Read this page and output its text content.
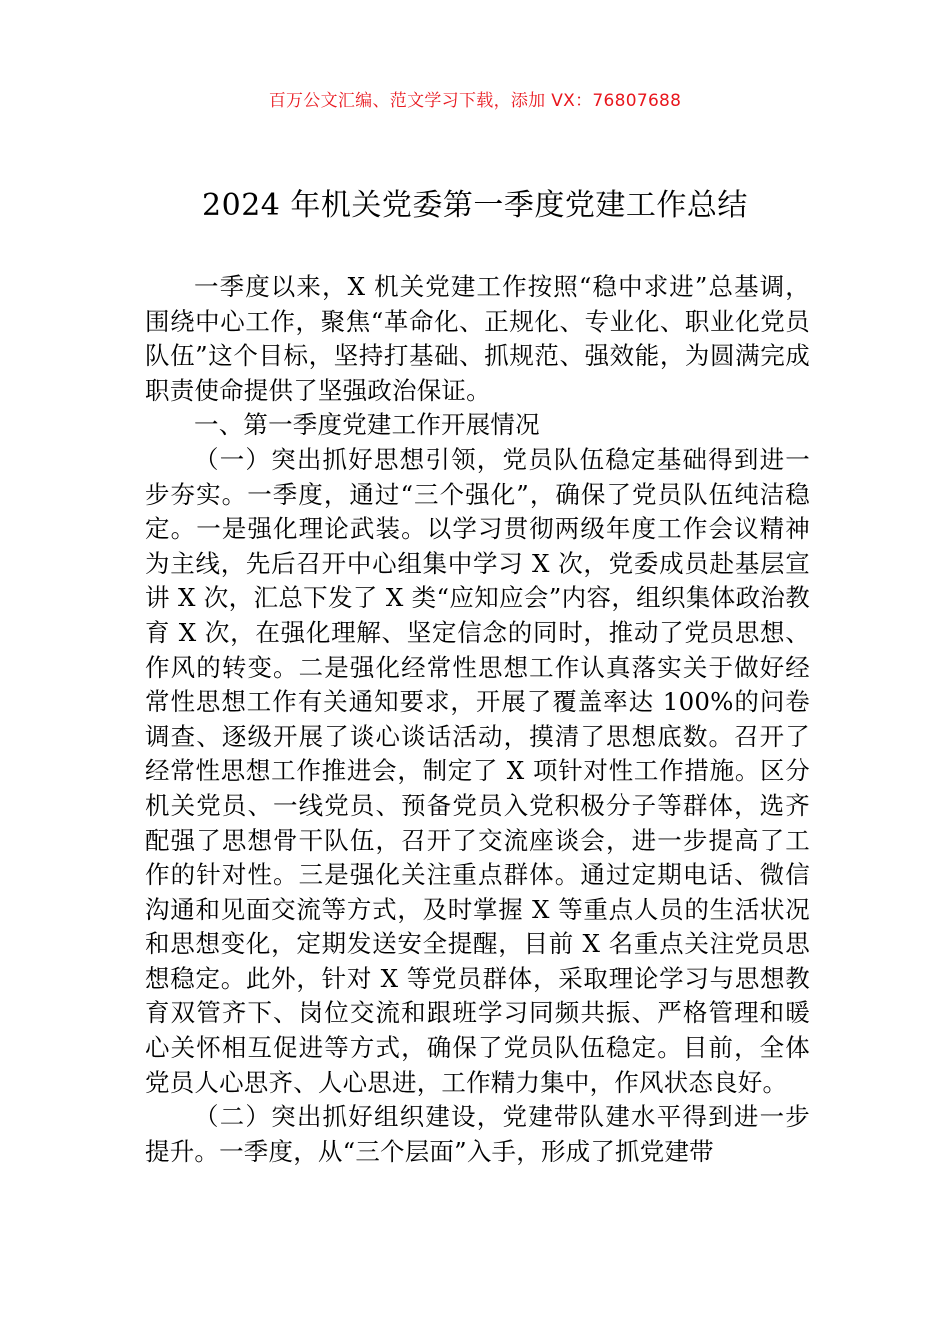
百万公文汇编、范文学习下载，添加 VX：76807688
2024 年机关党委第一季度党建工作总结

一季度以来，X 机关党建工作按照“稳中求进”总基调，围绕中心工作，聚焦“革命化、正规化、专业化、职业化党员队伍”这个目标，坚持打基础、抓规范、强效能，为圆满完成职责使命提供了坚强政治保证。

一、第一季度党建工作开展情况

（一）突出抓好思想引领，党员队伍稳定基础得到进一步夯实。一季度，通过“三个强化”，确保了党员队伍纯洁稳定。一是强化理论武装。以学习贯彻两级年度工作会议精神为主线，先后召开中心组集中学习 X 次，党委成员赴基层宣讲 X 次，汇总下发了 X 类“应知应会”内容，组织集体政治教育 X 次，在强化理解、坚定信念的同时，推动了党员思想、作风的转变。二是强化经常性思想工作认真落实关于做好经常性思想工作有关通知要求，开展了覆盖率达 100%的问卷调查、逐级开展了谈心谈话活动，摸清了思想底数。召开了经常性思想工作推进会，制定了 X 项针对性工作措施。区分机关党员、一线党员、预备党员入党积极分子等群体，选齐配强了思想骨干队伍，召开了交流座谈会，进一步提高了工作的针对性。三是强化关注重点群体。通过定期电话、微信沟通和见面交流等方式，及时掌握 X 等重点人员的生活状况和思想变化，定期发送安全提醒，目前 X 名重点关注党员思想稳定。此外，针对 X 等党员群体，采取理论学习与思想教育双管齐下、岗位交流和跟班学习同频共振、严格管理和暖心关怀相互促进等方式，确保了党员队伍稳定。目前，全体党员人心思齐、人心思进，工作精力集中，作风状态良好。

（二）突出抓好组织建设，党建带队建水平得到进一步提升。一季度，从“三个层面”入手，形成了抓党建带
